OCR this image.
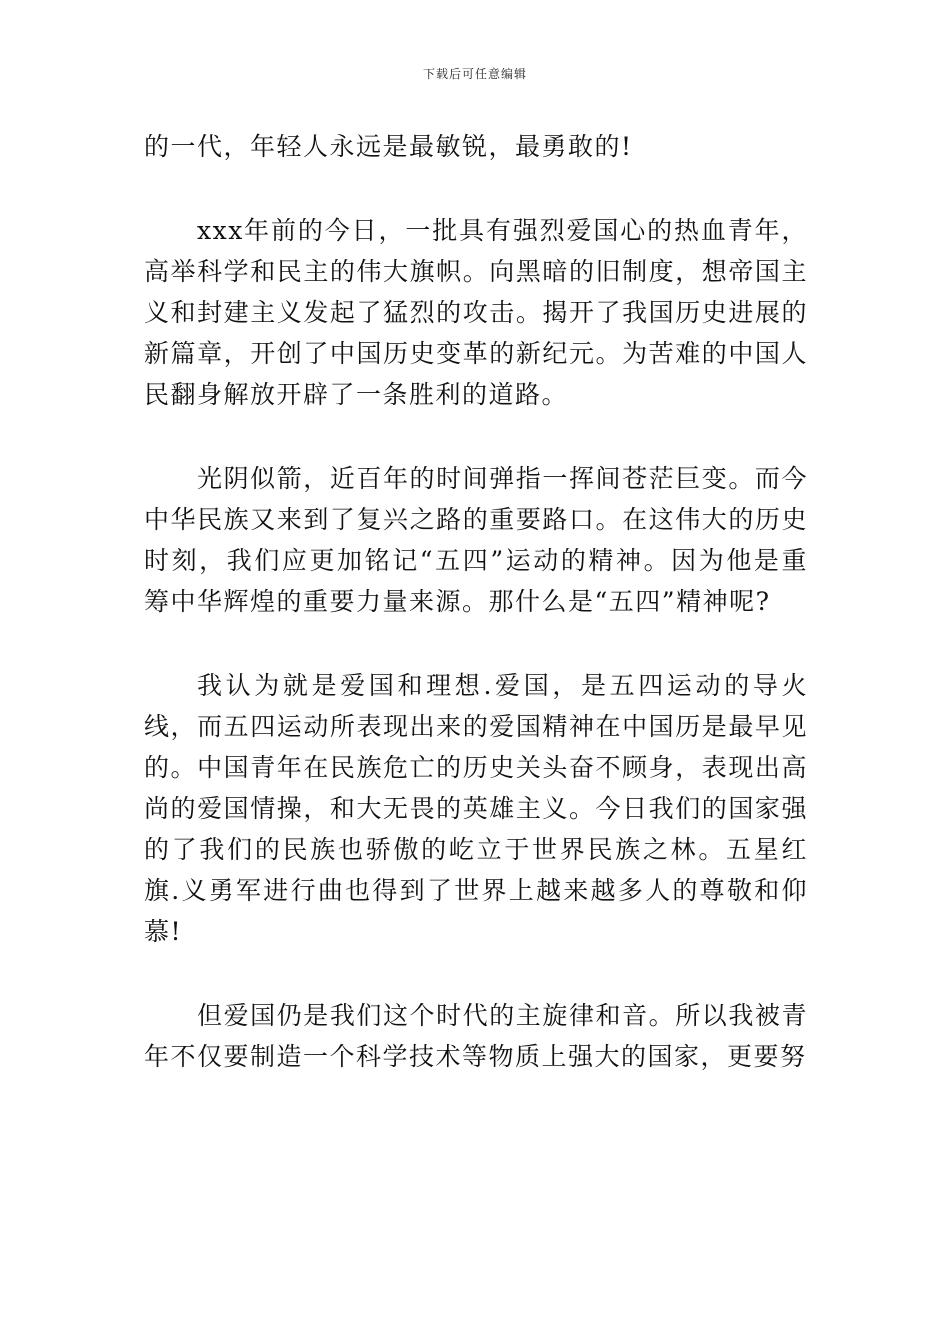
下载后可任意编辑

的一代，年轻人永远是最敏锐，最勇敢的!

xxx年前的今日，一批具有强烈爱国心的热血青年，高举科学和民主的伟大旗帜。向黑暗的旧制度，想帝国主义和封建主义发起了猛烈的攻击。揭开了我国历史进展的新篇章，开创了中国历史变革的新纪元。为苦难的中国人民翻身解放开辟了一条胜利的道路。

光阴似箭，近百年的时间弹指一挥间苍茫巨变。而今中华民族又来到了复兴之路的重要路口。在这伟大的历史时刻，我们应更加铭记“五四”运动的精神。因为他是重筹中华辉煌的重要力量来源。那什么是“五四”精神呢?

我认为就是爱国和理想.爱国，是五四运动的导火线，而五四运动所表现出来的爱国精神在中国历是最早见的。中国青年在民族危亡的历史关头奋不顾身，表现出高尚的爱国情操，和大无畏的英雄主义。今日我们的国家强的了我们的民族也骄傲的屹立于世界民族之林。五星红旗.义勇军进行曲也得到了世界上越来越多人的尊敬和仰慕!

但爱国仍是我们这个时代的主旋律和音。所以我被青年不仅要制造一个科学技术等物质上强大的国家，更要努
